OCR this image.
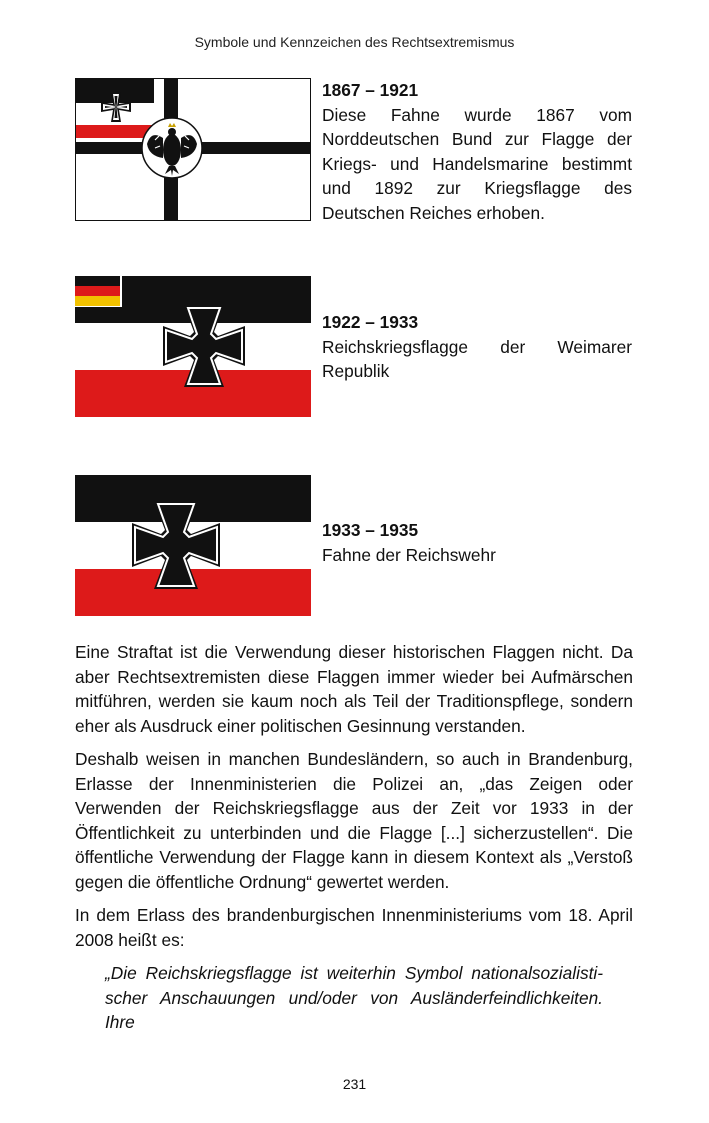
Symbole und Kennzeichen des Rechtsextremismus
1867 – 1921
Diese Fahne wurde 1867 vom Norddeutschen Bund zur Flagge der Kriegs- und Handelsmarine bestimmt und 1892 zur Kriegsflagge des Deutschen Reiches erhoben.
1922 – 1933
Reichskriegsflagge der Weimarer Republik
1933 – 1935
Fahne der Reichswehr

Eine Straftat ist die Verwendung dieser historischen Flaggen nicht. Da aber Rechtsextremisten diese Flaggen immer wieder bei Aufmärschen mitführen, werden sie kaum noch als Teil der Traditionspflege, sondern eher als Ausdruck einer politischen Gesinnung verstanden.

Deshalb weisen in manchen Bundesländern, so auch in Brandenburg, Erlasse der Innenministerien die Polizei an, „das Zeigen oder Verwenden der Reichskriegsflagge aus der Zeit vor 1933 in der Öffentlichkeit zu unterbinden und die Flagge [...] sicherzustellen“. Die öffentliche Verwendung der Flagge kann in diesem Kontext als „Verstoß gegen die öffentliche Ordnung“ gewertet werden.

In dem Erlass des brandenburgischen Innenministeriums vom 18. April 2008 heißt es:

„Die Reichskriegsflagge ist weiterhin Symbol nationalsozialistischer Anschauungen und/oder von Ausländerfeindlichkeiten. Ihre

231
